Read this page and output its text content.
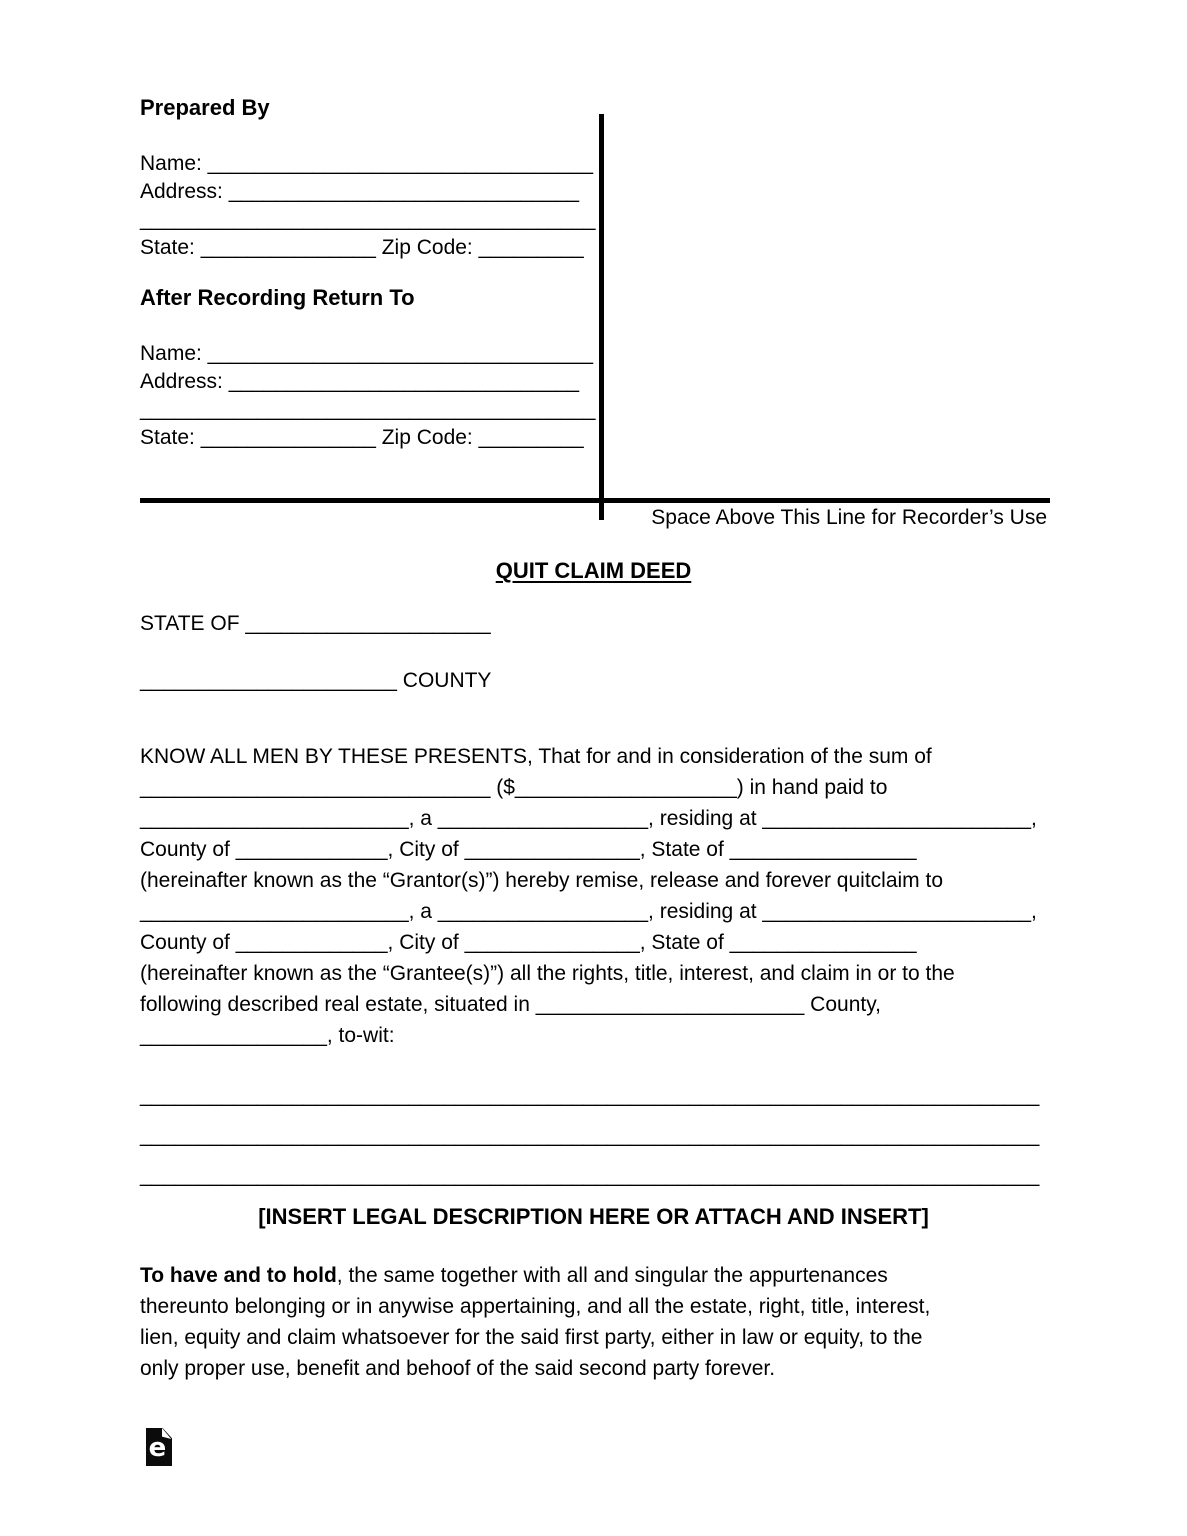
Prepared By
Name: _________________________________
Address: ______________________________
_______________________________________
State: _______________ Zip Code: _________
After Recording Return To
Name: _________________________________
Address: ______________________________
_______________________________________
State: _______________ Zip Code: _________
Space Above This Line for Recorder’s Use
QUIT CLAIM DEED
STATE OF _____________________
______________________ COUNTY
KNOW ALL MEN BY THESE PRESENTS, That for and in consideration of the sum of
______________________________ ($___________________) in hand paid to
_______________________, a __________________, residing at _______________________,
County of _____________, City of _______________, State of ________________
(hereinafter known as the “Grantor(s)”) hereby remise, release and forever quitclaim to
_______________________, a __________________, residing at _______________________,
County of _____________, City of _______________, State of ________________
(hereinafter known as the “Grantee(s)”) all the rights, title, interest, and claim in or to the
following described real estate, situated in _______________________ County,
________________, to-wit:
_____________________________________________________________________________
_____________________________________________________________________________
_____________________________________________________________________________
[INSERT LEGAL DESCRIPTION HERE OR ATTACH AND INSERT]
To have and to hold, the same together with all and singular the appurtenances
thereunto belonging or in anywise appertaining, and all the estate, right, title, interest,
lien, equity and claim whatsoever for the said first party, either in law or equity, to the
only proper use, benefit and behoof of the said second party forever.
e
